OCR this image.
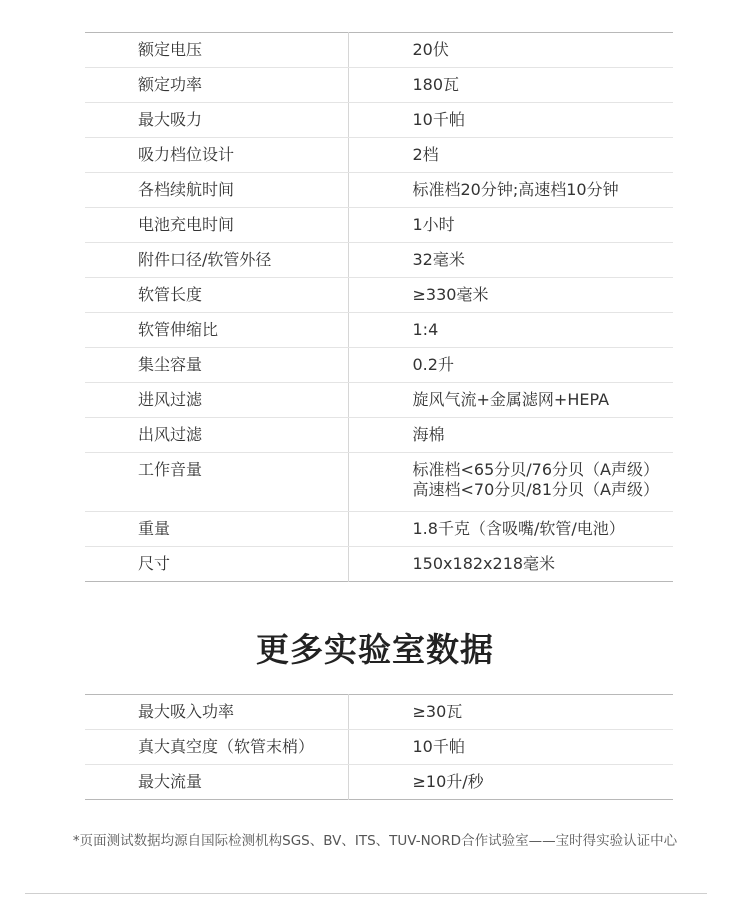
额定电压	20伏

额定功率	180瓦

最大吸力	10千帕

吸力档位设计	2档

各档续航时间	标准档20分钟;高速档10分钟

电池充电时间	1小时

附件口径/软管外径	32毫米

软管长度	≥330毫米

软管伸缩比	1:4

集尘容量	0.2升

进风过滤	旋风气流+金属滤网+HEPA

出风过滤	海棉

工作音量	标准档<65分贝/76分贝（A声级）
高速档<70分贝/81分贝（A声级）

重量	1.8千克（含吸嘴/软管/电池）

尺寸	150x182x218毫米
更多实验室数据
最大吸入功率	≥30瓦
真大真空度（软管末梢）	10千帕
最大流量	≥10升/秒
*页面测试数据均源自国际检测机构SGS、BV、ITS、TUV-NORD合作试验室——宝时得实验认证中心
